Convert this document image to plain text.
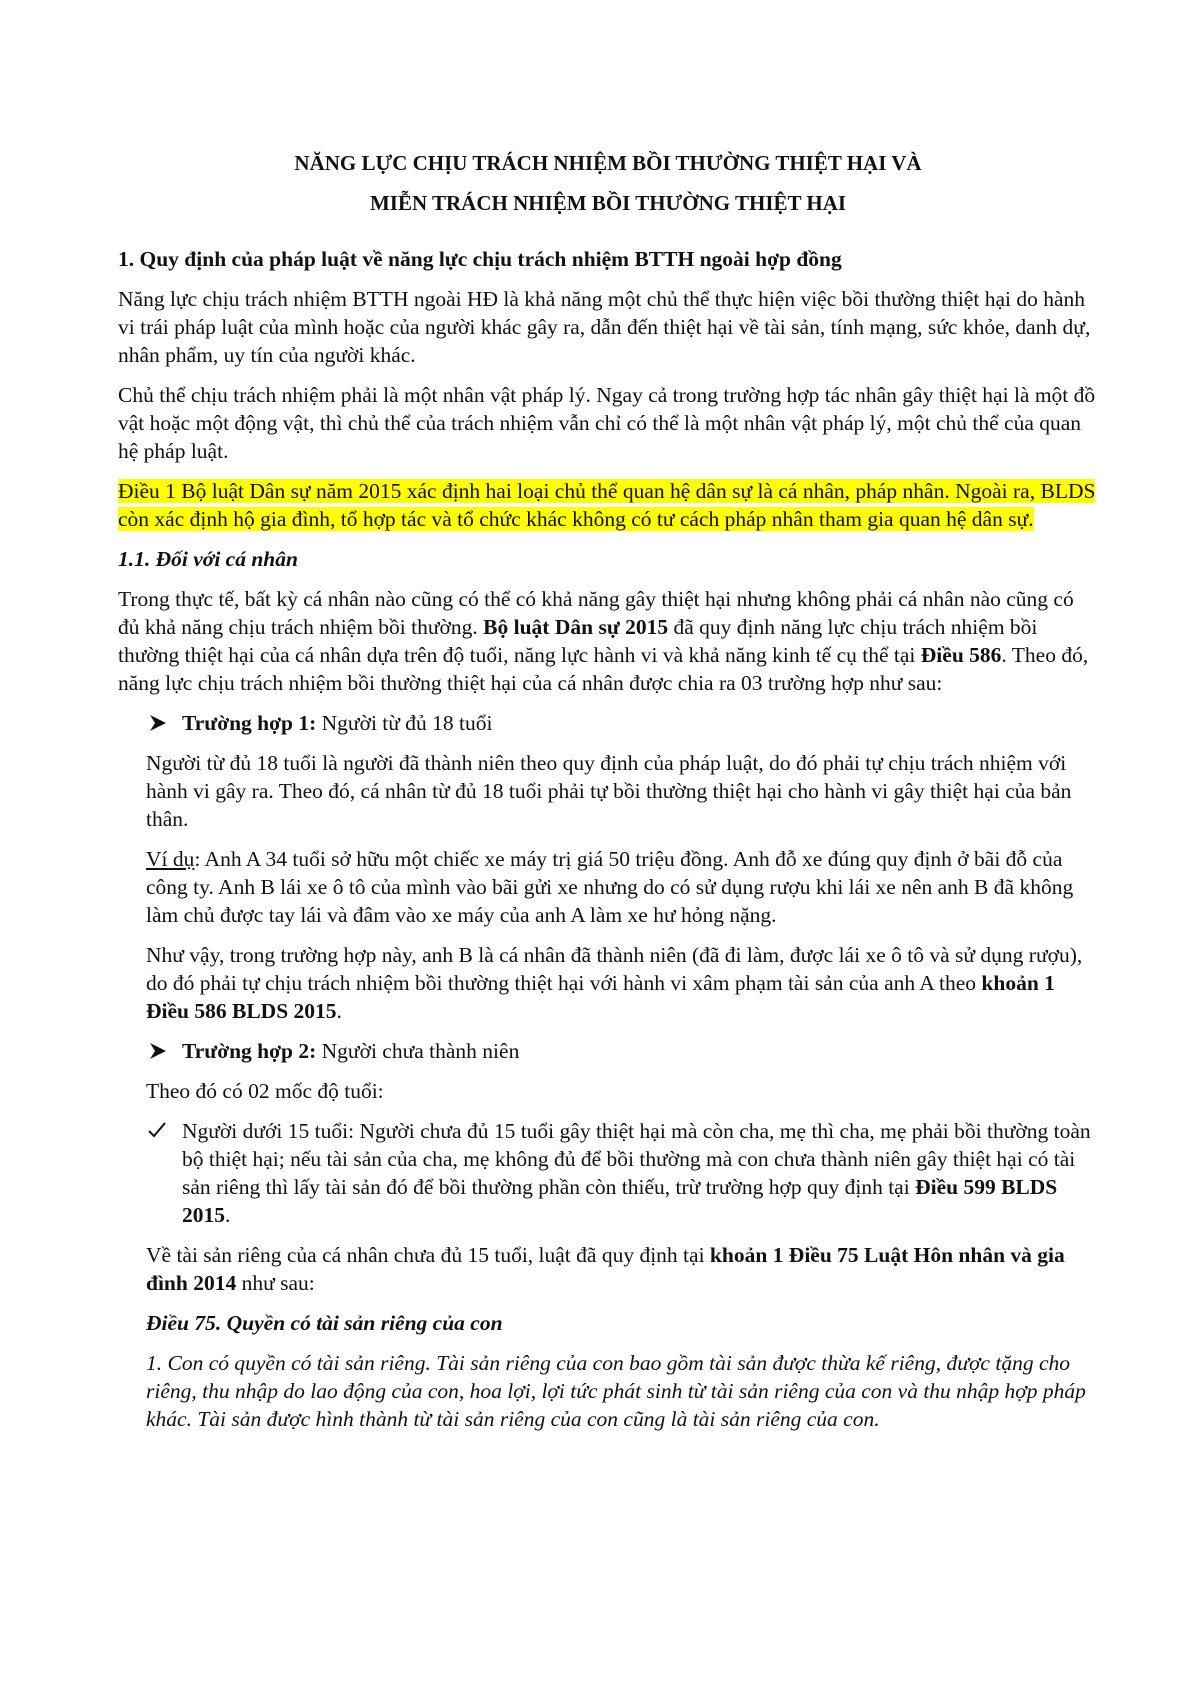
NĂNG LỰC CHỊU TRÁCH NHIỆM BỒI THƯỜNG THIỆT HẠI VÀ
MIỄN TRÁCH NHIỆM BỒI THƯỜNG THIỆT HẠI
1. Quy định của pháp luật về năng lực chịu trách nhiệm BTTH ngoài hợp đồng

Năng lực chịu trách nhiệm BTTH ngoài HĐ là khả năng một chủ thể thực hiện việc bồi thường thiệt hại do hành vi trái pháp luật của mình hoặc của người khác gây ra, dẫn đến thiệt hại về tài sản, tính mạng, sức khỏe, danh dự, nhân phẩm, uy tín của người khác.

Chủ thể chịu trách nhiệm phải là một nhân vật pháp lý. Ngay cả trong trường hợp tác nhân gây thiệt hại là một đồ vật hoặc một động vật, thì chủ thể của trách nhiệm vẫn chỉ có thể là một nhân vật pháp lý, một chủ thể của quan hệ pháp luật.

Điều 1 Bộ luật Dân sự năm 2015 xác định hai loại chủ thể quan hệ dân sự là cá nhân, pháp nhân. Ngoài ra, BLDS còn xác định hộ gia đình, tổ hợp tác và tổ chức khác không có tư cách pháp nhân tham gia quan hệ dân sự.

1.1. Đối với cá nhân

Trong thực tế, bất kỳ cá nhân nào cũng có thể có khả năng gây thiệt hại nhưng không phải cá nhân nào cũng có đủ khả năng chịu trách nhiệm bồi thường. Bộ luật Dân sự 2015 đã quy định năng lực chịu trách nhiệm bồi thường thiệt hại của cá nhân dựa trên độ tuổi, năng lực hành vi và khả năng kinh tế cụ thể tại Điều 586. Theo đó, năng lực chịu trách nhiệm bồi thường thiệt hại của cá nhân được chia ra 03 trường hợp như sau:

Trường hợp 1: Người từ đủ 18 tuổi

Người từ đủ 18 tuổi là người đã thành niên theo quy định của pháp luật, do đó phải tự chịu trách nhiệm với hành vi gây ra. Theo đó, cá nhân từ đủ 18 tuổi phải tự bồi thường thiệt hại cho hành vi gây thiệt hại của bản thân.

Ví dụ: Anh A 34 tuổi sở hữu một chiếc xe máy trị giá 50 triệu đồng. Anh đỗ xe đúng quy định ở bãi đỗ của công ty. Anh B lái xe ô tô của mình vào bãi gửi xe nhưng do có sử dụng rượu khi lái xe nên anh B đã không làm chủ được tay lái và đâm vào xe máy của anh A làm xe hư hỏng nặng.

Như vậy, trong trường hợp này, anh B là cá nhân đã thành niên (đã đi làm, được lái xe ô tô và sử dụng rượu), do đó phải tự chịu trách nhiệm bồi thường thiệt hại với hành vi xâm phạm tài sản của anh A theo khoản 1 Điều 586 BLDS 2015.

Trường hợp 2: Người chưa thành niên

Theo đó có 02 mốc độ tuổi:

Người dưới 15 tuổi: Người chưa đủ 15 tuổi gây thiệt hại mà còn cha, mẹ thì cha, mẹ phải bồi thường toàn bộ thiệt hại; nếu tài sản của cha, mẹ không đủ để bồi thường mà con chưa thành niên gây thiệt hại có tài sản riêng thì lấy tài sản đó để bồi thường phần còn thiếu, trừ trường hợp quy định tại Điều 599 BLDS 2015.

Về tài sản riêng của cá nhân chưa đủ 15 tuổi, luật đã quy định tại khoản 1 Điều 75 Luật Hôn nhân và gia đình 2014 như sau:

Điều 75. Quyền có tài sản riêng của con

1. Con có quyền có tài sản riêng. Tài sản riêng của con bao gồm tài sản được thừa kế riêng, được tặng cho riêng, thu nhập do lao động của con, hoa lợi, lợi tức phát sinh từ tài sản riêng của con và thu nhập hợp pháp khác. Tài sản được hình thành từ tài sản riêng của con cũng là tài sản riêng của con.
